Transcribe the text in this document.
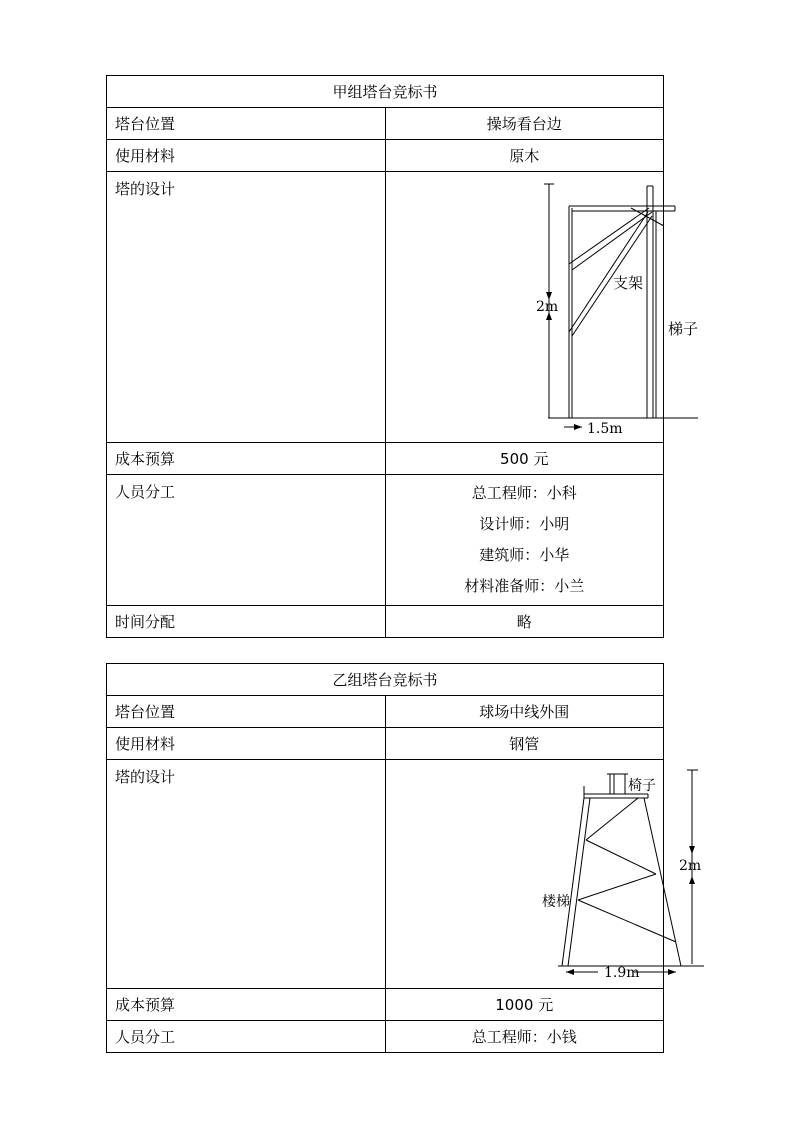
甲组塔台竞标书	
塔台位置	操场看台边
使用材料	原木
塔的设计	2m
1.5m
支架
梯子

成本预算	500 元
人员分工	总工程师：小科
设计师：小明
建筑师：小华
材料准备师：小兰

时间分配	略
乙组塔台竞标书	
塔台位置	球场中线外围
使用材料	钢管
塔的设计	椅子
2m
楼梯
1.9m

成本预算	1000 元
人员分工	总工程师：小钱
